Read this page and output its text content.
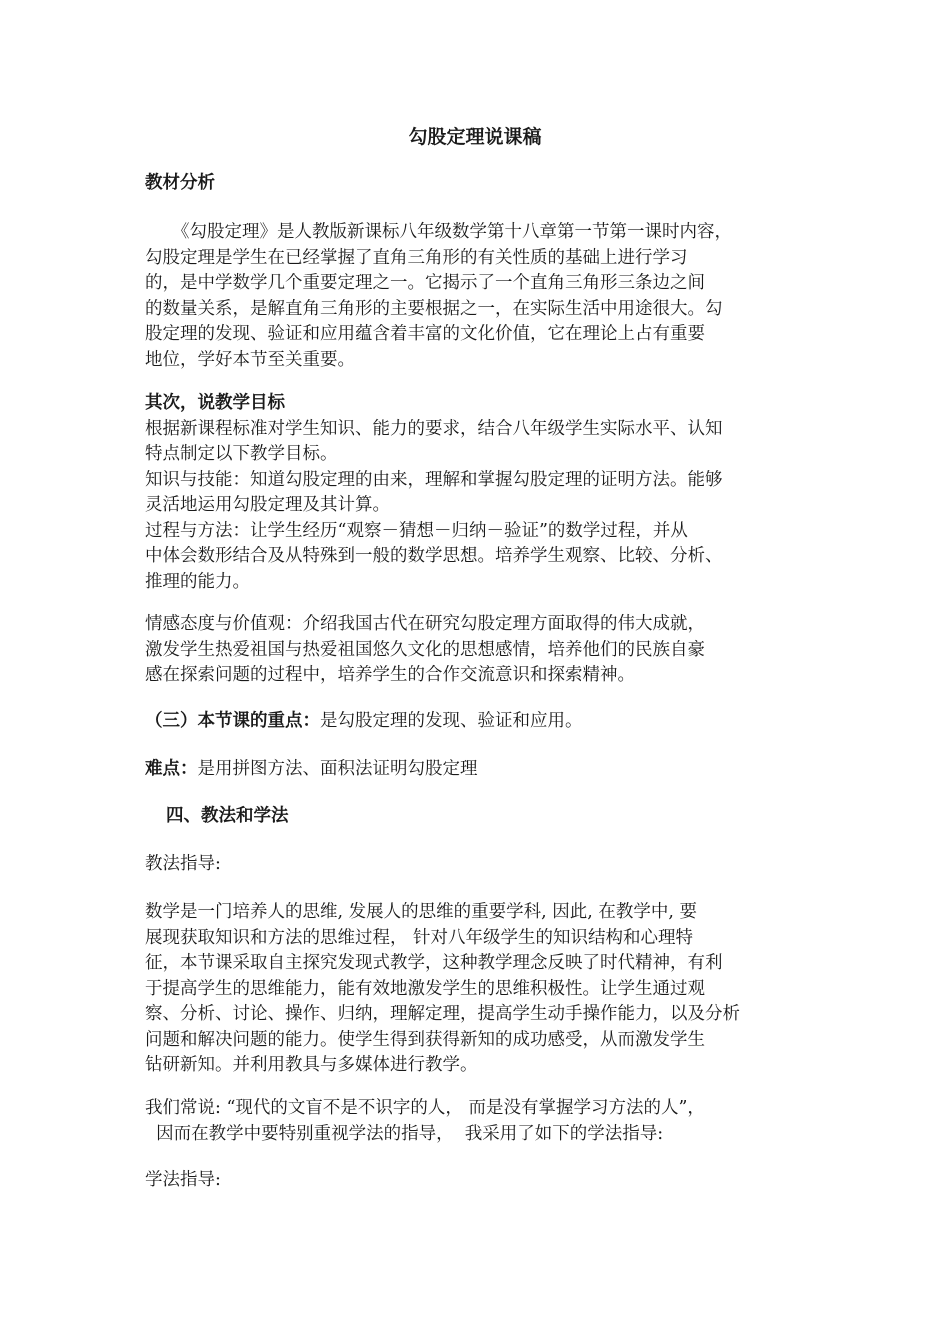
勾股定理说课稿
教材分析
《勾股定理》是人教版新课标八年级数学第十八章第一节第一课时内容，
勾股定理是学生在已经掌握了直角三角形的有关性质的基础上进行学习
的，是中学数学几个重要定理之一。它揭示了一个直角三角形三条边之间
的数量关系，是解直角三角形的主要根据之一，在实际生活中用途很大。勾
股定理的发现、验证和应用蕴含着丰富的文化价值，它在理论上占有重要
地位，学好本节至关重要。
其次，说教学目标
根据新课程标准对学生知识、能力的要求，结合八年级学生实际水平、认知
特点制定以下教学目标。
知识与技能：知道勾股定理的由来，理解和掌握勾股定理的证明方法。能够
灵活地运用勾股定理及其计算。
过程与方法：让学生经历“观察－猜想－归纳－验证”的数学过程，并从
中体会数形结合及从特殊到一般的数学思想。培养学生观察、比较、分析、
推理的能力。
情感态度与价值观：介绍我国古代在研究勾股定理方面取得的伟大成就，
激发学生热爱祖国与热爱祖国悠久文化的思想感情，培养他们的民族自豪
感在探索问题的过程中，培养学生的合作交流意识和探索精神。
（三）本节课的重点：是勾股定理的发现、验证和应用。
难点：是用拼图方法、面积法证明勾股定理
四、教法和学法
教法指导:
数学是一门培养人的思维, 发展人的思维的重要学科, 因此, 在教学中, 要
展现获取知识和方法的思维过程， 针对八年级学生的知识结构和心理特
征，本节课采取自主探究发现式教学，这种教学理念反映了时代精神，有利
于提高学生的思维能力，能有效地激发学生的思维积极性。让学生通过观
察、分析、讨论、操作、归纳，理解定理，提高学生动手操作能力，以及分析
问题和解决问题的能力。使学生得到获得新知的成功感受，从而激发学生
钻研新知。并利用教具与多媒体进行教学。
我们常说: “现代的文盲不是不识字的人， 而是没有掌握学习方法的人”，
因而在教学中要特别重视学法的指导，  我采用了如下的学法指导:
学法指导:
